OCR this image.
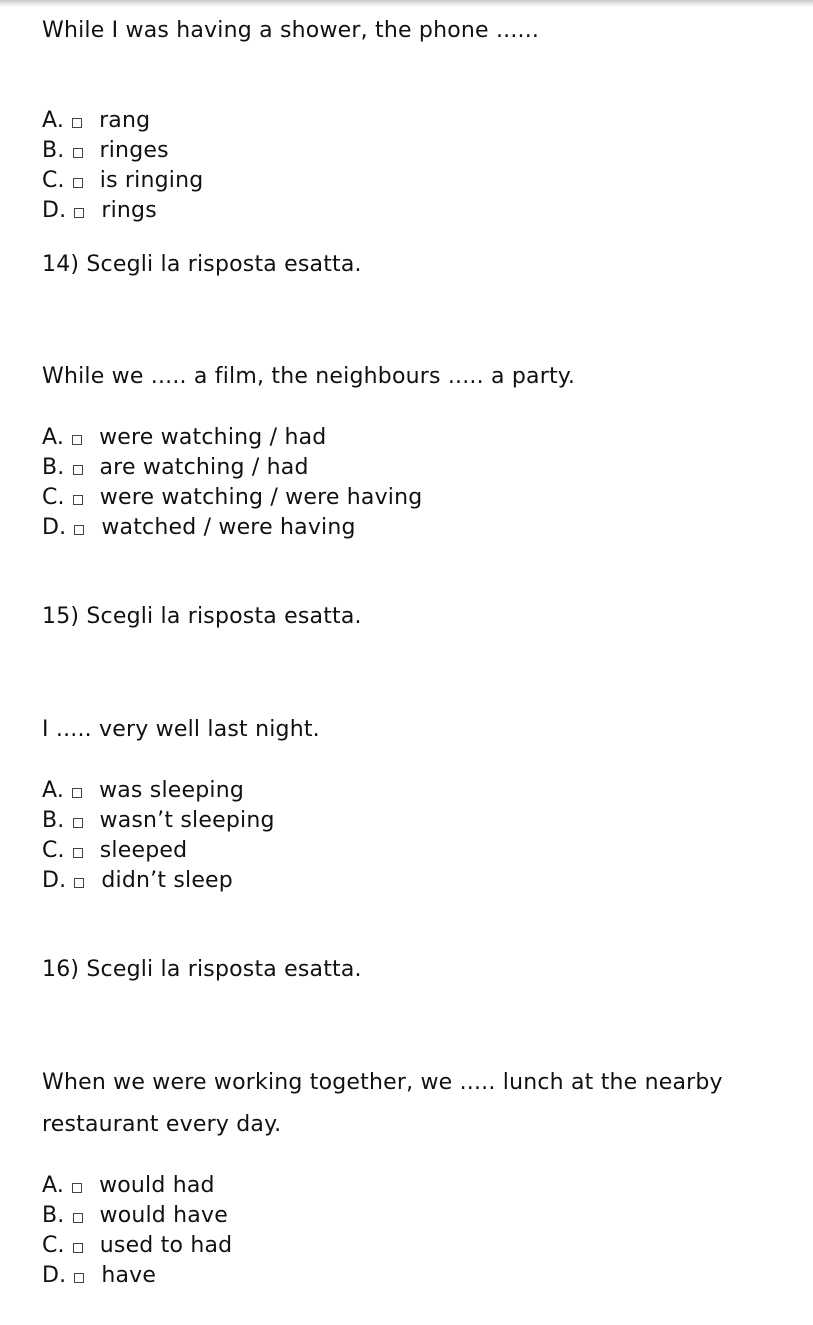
While I was having a shower, the phone ......

A. rang
B. ringes
C. is ringing
D. rings

14) Scegli la risposta esatta.

While we ..... a film, the neighbours ..... a party.

A. were watching / had
B. are watching / had
C. were watching / were having
D. watched / were having

15) Scegli la risposta esatta.

I ..... very well last night.

A. was sleeping
B. wasn’t sleeping
C. sleeped
D. didn’t sleep

16) Scegli la risposta esatta.

When we were working together, we ..... lunch at the nearby restaurant every day.

A. would had
B. would have
C. used to had
D. have
